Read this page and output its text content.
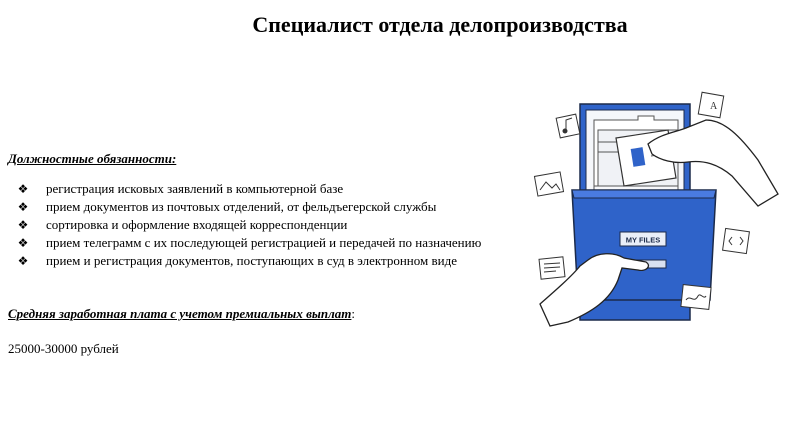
Специалист отдела делопроизводства
Должностные обязанности:
❖ регистрация исковых заявлений в компьютерной базе
❖ прием документов из почтовых отделений, от фельдъегерской службы
❖ сортировка и оформление входящей корреспонденции
❖ прием телеграмм с их последующей регистрацией и передачей по назначению
❖ прием и регистрация документов, поступающих в суд в электронном виде
Средняя заработная плата с учетом премиальных выплат:
25000-30000 рублей
MY FILES
A
